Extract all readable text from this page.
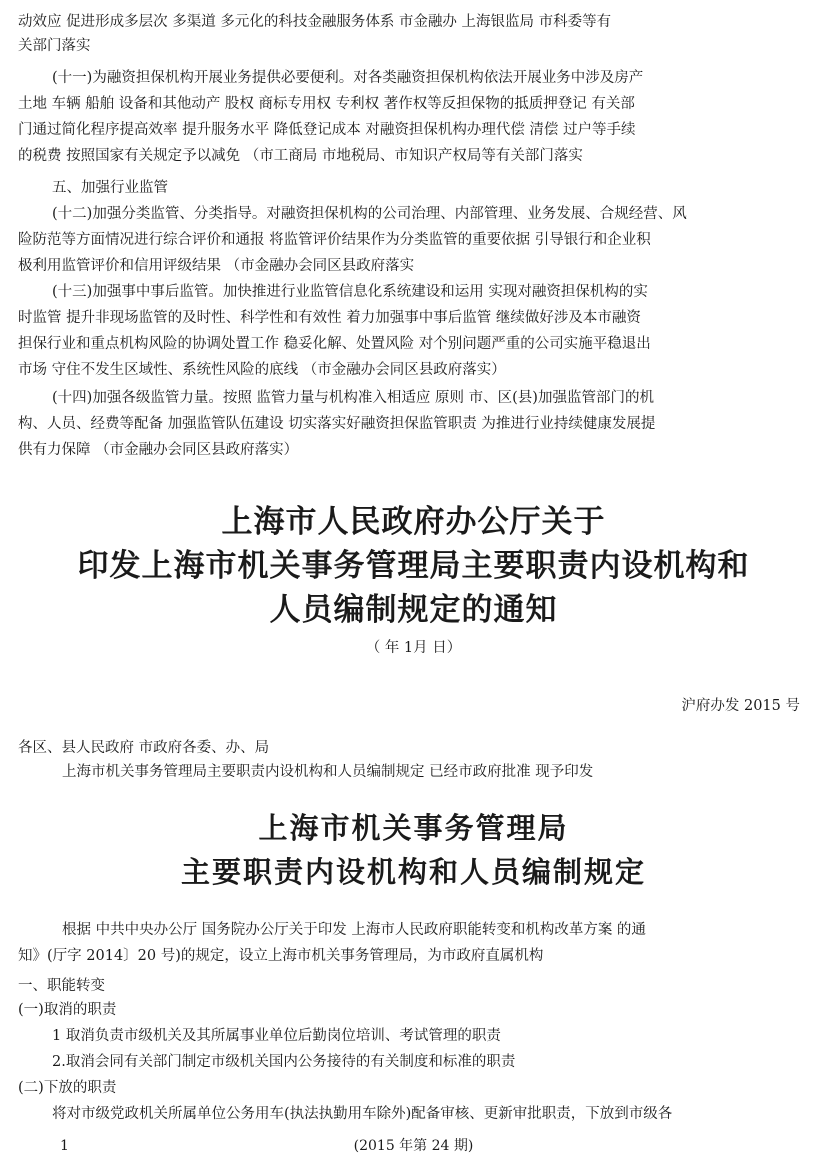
动效应 促进形成多层次 多渠道 多元化的科技金融服务体系 市金融办 上海银监局 市科委等有
关部门落实
(十一)为融资担保机构开展业务提供必要便利。对各类融资担保机构依法开展业务中涉及房产
土地 车辆 船舶 设备和其他动产 股权 商标专用权 专利权 著作权等反担保物的抵质押登记 有关部
门通过简化程序提高效率 提升服务水平 降低登记成本 对融资担保机构办理代偿 清偿 过户等手续
的税费 按照国家有关规定予以减免 （市工商局 市地税局、市知识产权局等有关部门落实
五、加强行业监管
(十二)加强分类监管、分类指导。对融资担保机构的公司治理、内部管理、业务发展、合规经营、风
险防范等方面情况进行综合评价和通报 将监管评价结果作为分类监管的重要依据 引导银行和企业积
极利用监管评价和信用评级结果 （市金融办会同区县政府落实
(十三)加强事中事后监管。加快推进行业监管信息化系统建设和运用 实现对融资担保机构的实
时监管 提升非现场监管的及时性、科学性和有效性 着力加强事中事后监管 继续做好涉及本市融资
担保行业和重点机构风险的协调处置工作 稳妥化解、处置风险 对个别问题严重的公司实施平稳退出
市场 守住不发生区域性、系统性风险的底线 （市金融办会同区县政府落实）
(十四)加强各级监管力量。按照 监管力量与机构准入相适应 原则 市、区(县)加强监管部门的机
构、人员、经费等配备 加强监管队伍建设 切实落实好融资担保监管职责 为推进行业持续健康发展提
供有力保障 （市金融办会同区县政府落实）
上海市人民政府办公厅关于
印发上海市机关事务管理局主要职责内设机构和
人员编制规定的通知
（ 年 1月 日）
沪府办发 2015 号
各区、县人民政府 市政府各委、办、局
上海市机关事务管理局主要职责内设机构和人员编制规定 已经市政府批准 现予印发
上海市机关事务管理局
主要职责内设机构和人员编制规定
根据 中共中央办公厅 国务院办公厅关于印发 上海市人民政府职能转变和机构改革方案 的通
知》(厅字 2014〕20 号)的规定，设立上海市机关事务管理局，为市政府直属机构
一、职能转变
(一)取消的职责
1 取消负责市级机关及其所属事业单位后勤岗位培训、考试管理的职责
2.取消会同有关部门制定市级机关国内公务接待的有关制度和标准的职责
(二)下放的职责
将对市级党政机关所属单位公务用车(执法执勤用车除外)配备审核、更新审批职责，下放到市级各
1	(2015 年第 24 期)
